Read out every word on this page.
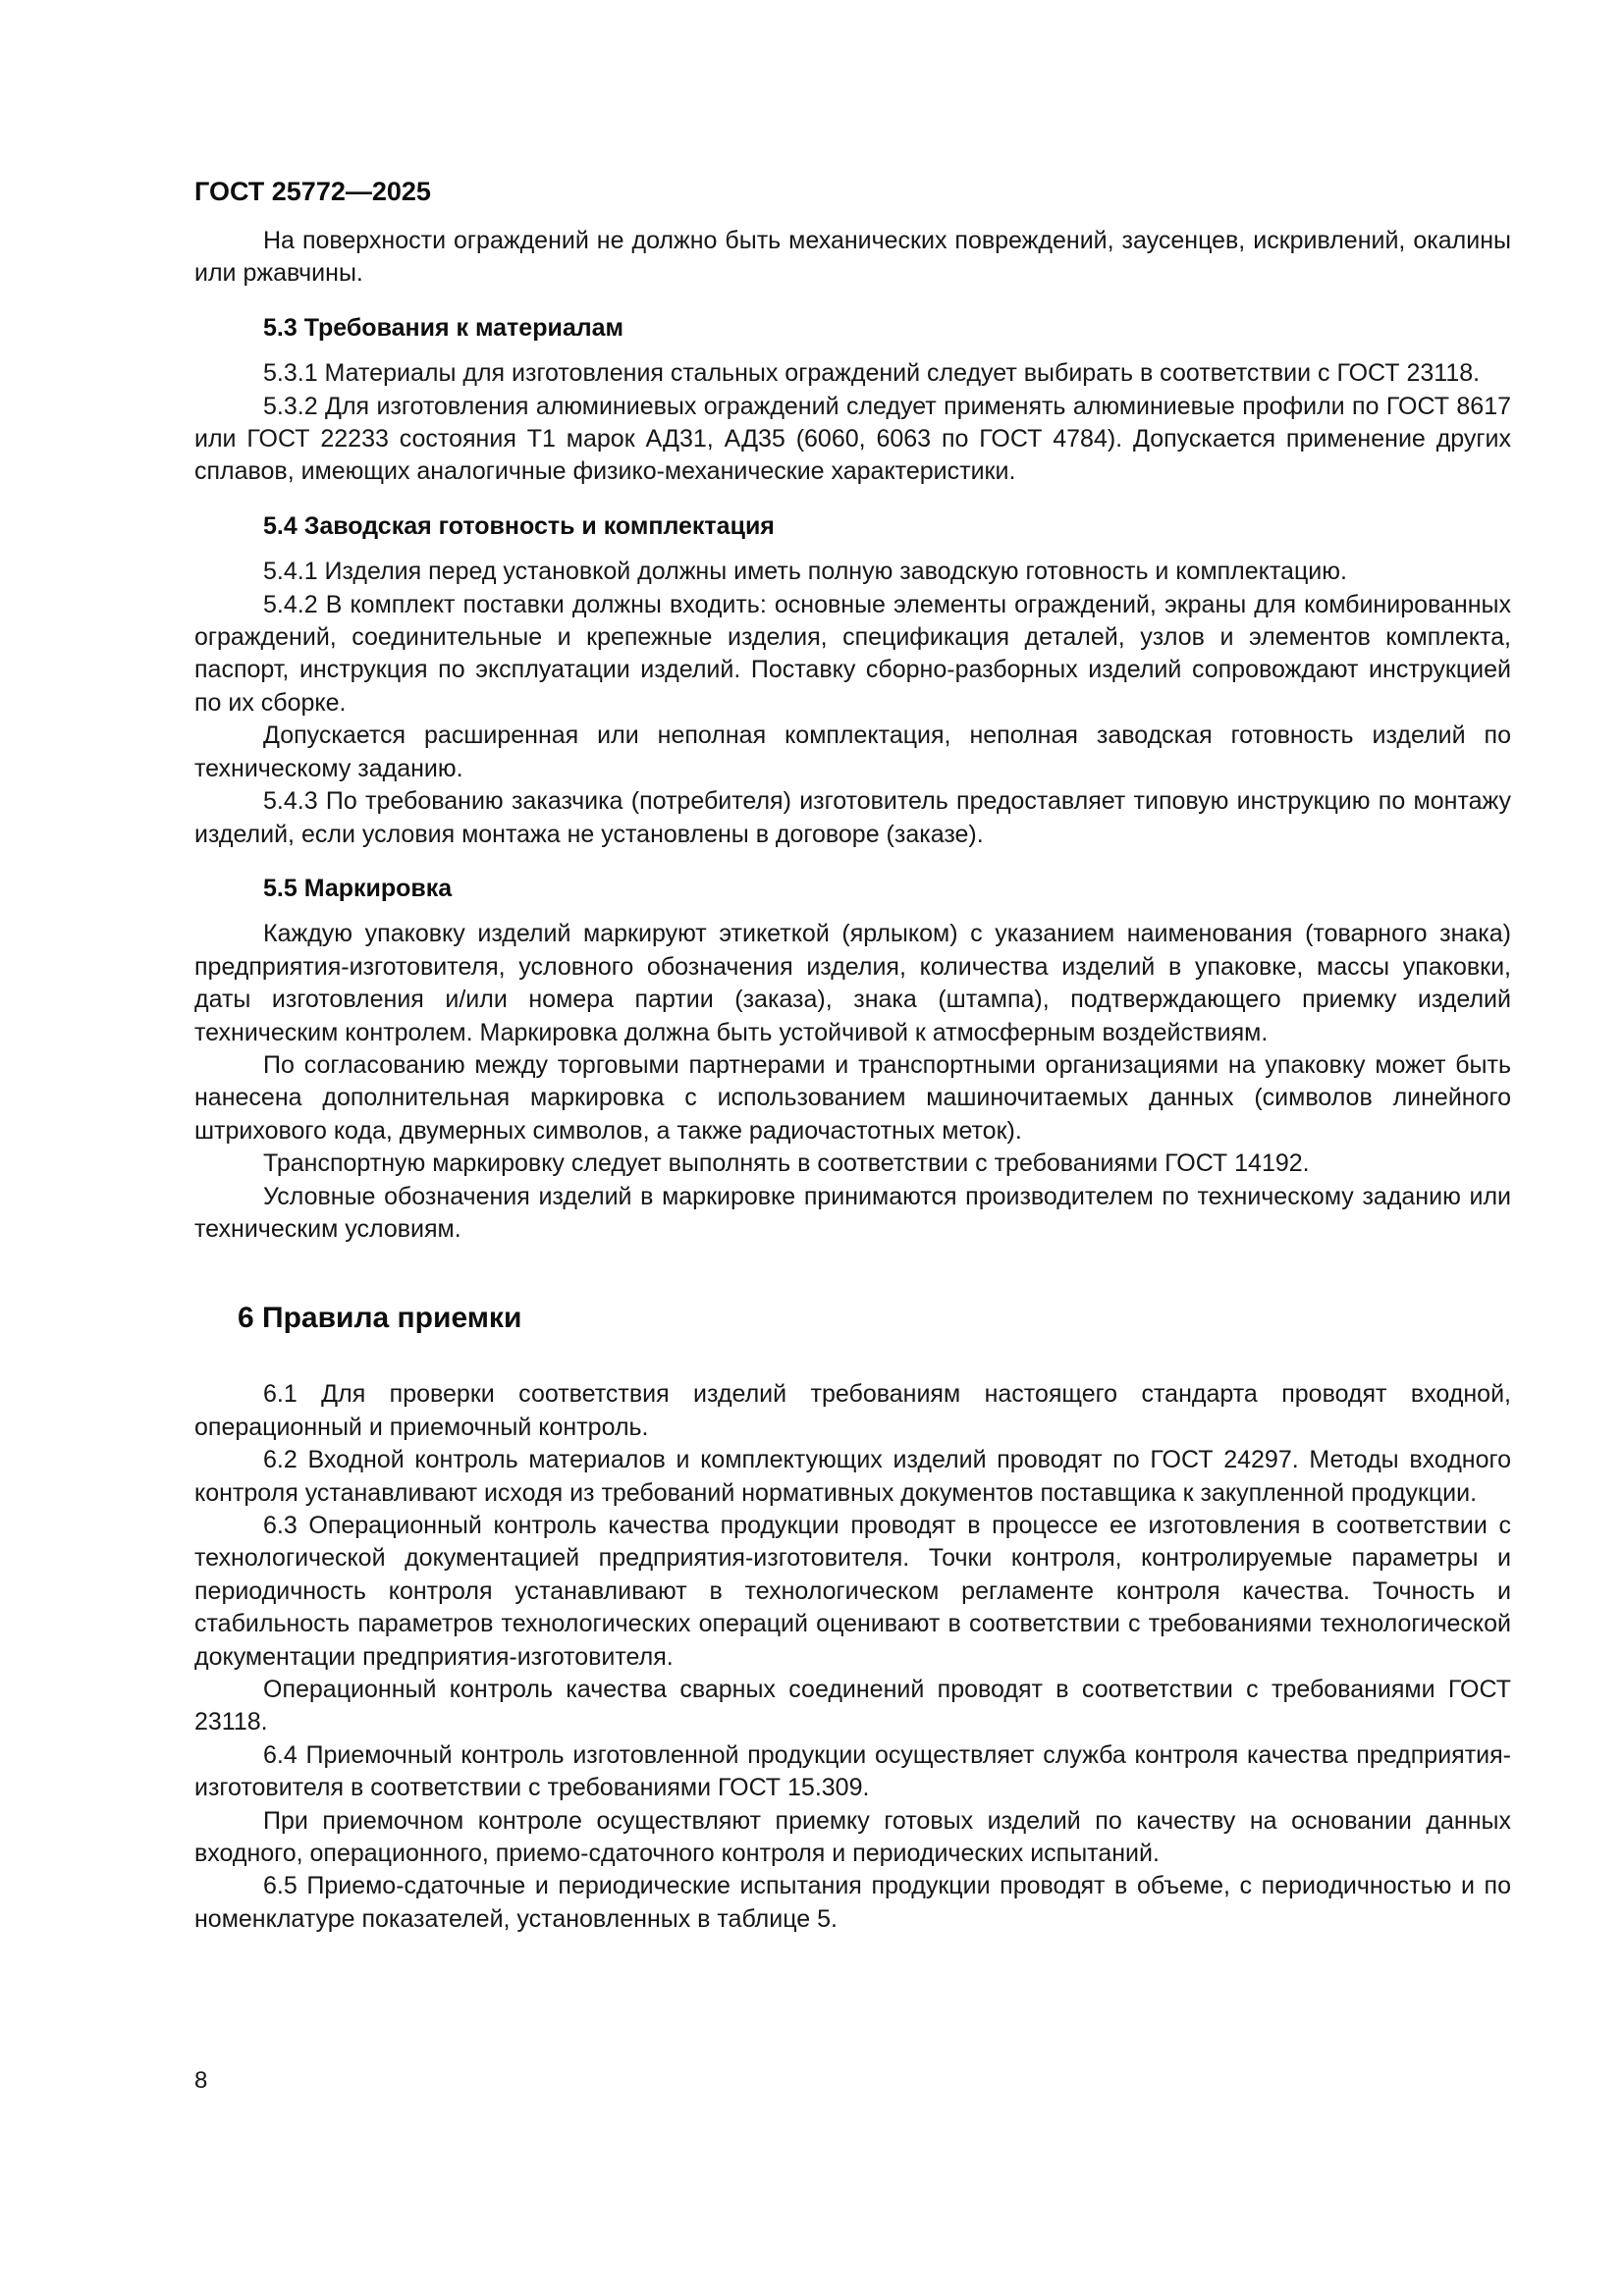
ГОСТ 25772—2025

На поверхности ограждений не должно быть механических повреждений, заусенцев, искривлений, окалины или ржавчины.

5.3 Требования к материалам

5.3.1 Материалы для изготовления стальных ограждений следует выбирать в соответствии с ГОСТ 23118.

5.3.2 Для изготовления алюминиевых ограждений следует применять алюминиевые профили по ГОСТ 8617 или ГОСТ 22233 состояния Т1 марок АД31, АД35 (6060, 6063 по ГОСТ 4784). Допускается применение других сплавов, имеющих аналогичные физико-механические характеристики.

5.4 Заводская готовность и комплектация

5.4.1 Изделия перед установкой должны иметь полную заводскую готовность и комплектацию.

5.4.2 В комплект поставки должны входить: основные элементы ограждений, экраны для комбинированных ограждений, соединительные и крепежные изделия, спецификация деталей, узлов и элементов комплекта, паспорт, инструкция по эксплуатации изделий. Поставку сборно-разборных изделий сопровождают инструкцией по их сборке.

Допускается расширенная или неполная комплектация, неполная заводская готовность изделий по техническому заданию.

5.4.3 По требованию заказчика (потребителя) изготовитель предоставляет типовую инструкцию по монтажу изделий, если условия монтажа не установлены в договоре (заказе).

5.5 Маркировка

Каждую упаковку изделий маркируют этикеткой (ярлыком) с указанием наименования (товарного знака) предприятия-изготовителя, условного обозначения изделия, количества изделий в упаковке, массы упаковки, даты изготовления и/или номера партии (заказа), знака (штампа), подтверждающего приемку изделий техническим контролем. Маркировка должна быть устойчивой к атмосферным воздействиям.

По согласованию между торговыми партнерами и транспортными организациями на упаковку может быть нанесена дополнительная маркировка с использованием машиночитаемых данных (символов линейного штрихового кода, двумерных символов, а также радиочастотных меток).

Транспортную маркировку следует выполнять в соответствии с требованиями ГОСТ 14192.

Условные обозначения изделий в маркировке принимаются производителем по техническому заданию или техническим условиям.

6 Правила приемки

6.1 Для проверки соответствия изделий требованиям настоящего стандарта проводят входной, операционный и приемочный контроль.

6.2 Входной контроль материалов и комплектующих изделий проводят по ГОСТ 24297. Методы входного контроля устанавливают исходя из требований нормативных документов поставщика к закупленной продукции.

6.3 Операционный контроль качества продукции проводят в процессе ее изготовления в соответствии с технологической документацией предприятия-изготовителя. Точки контроля, контролируемые параметры и периодичность контроля устанавливают в технологическом регламенте контроля качества. Точность и стабильность параметров технологических операций оценивают в соответствии с требованиями технологической документации предприятия-изготовителя.

Операционный контроль качества сварных соединений проводят в соответствии с требованиями ГОСТ 23118.

6.4 Приемочный контроль изготовленной продукции осуществляет служба контроля качества предприятия-изготовителя в соответствии с требованиями ГОСТ 15.309.

При приемочном контроле осуществляют приемку готовых изделий по качеству на основании данных входного, операционного, приемо-сдаточного контроля и периодических испытаний.

6.5 Приемо-сдаточные и периодические испытания продукции проводят в объеме, с периодичностью и по номенклатуре показателей, установленных в таблице 5.

8
